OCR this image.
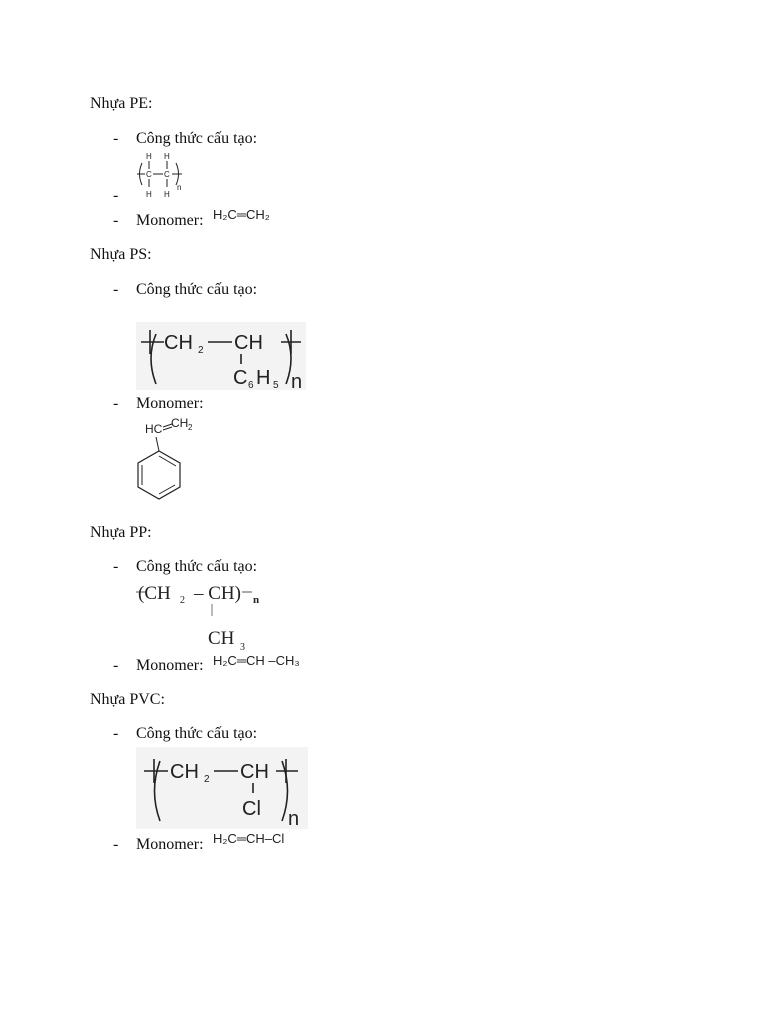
Nhựa PE:
- Công thức cấu tạo:
-
H H
C C
H H
n
- Monomer: H₂C═CH₂
Nhựa PS:
- Công thức cấu tạo:
CH 2 CH
C 6 H 5 n
- Monomer:
HC CH 2
Nhựa PP:
- Công thức cấu tạo:
(CH 2 – CH) n
CH 3
- Monomer: H₂C═CH –CH₃
Nhựa PVC:
- Công thức cấu tạo:
CH 2 CH
Cl n
- Monomer: H₂C═CH–Cl
